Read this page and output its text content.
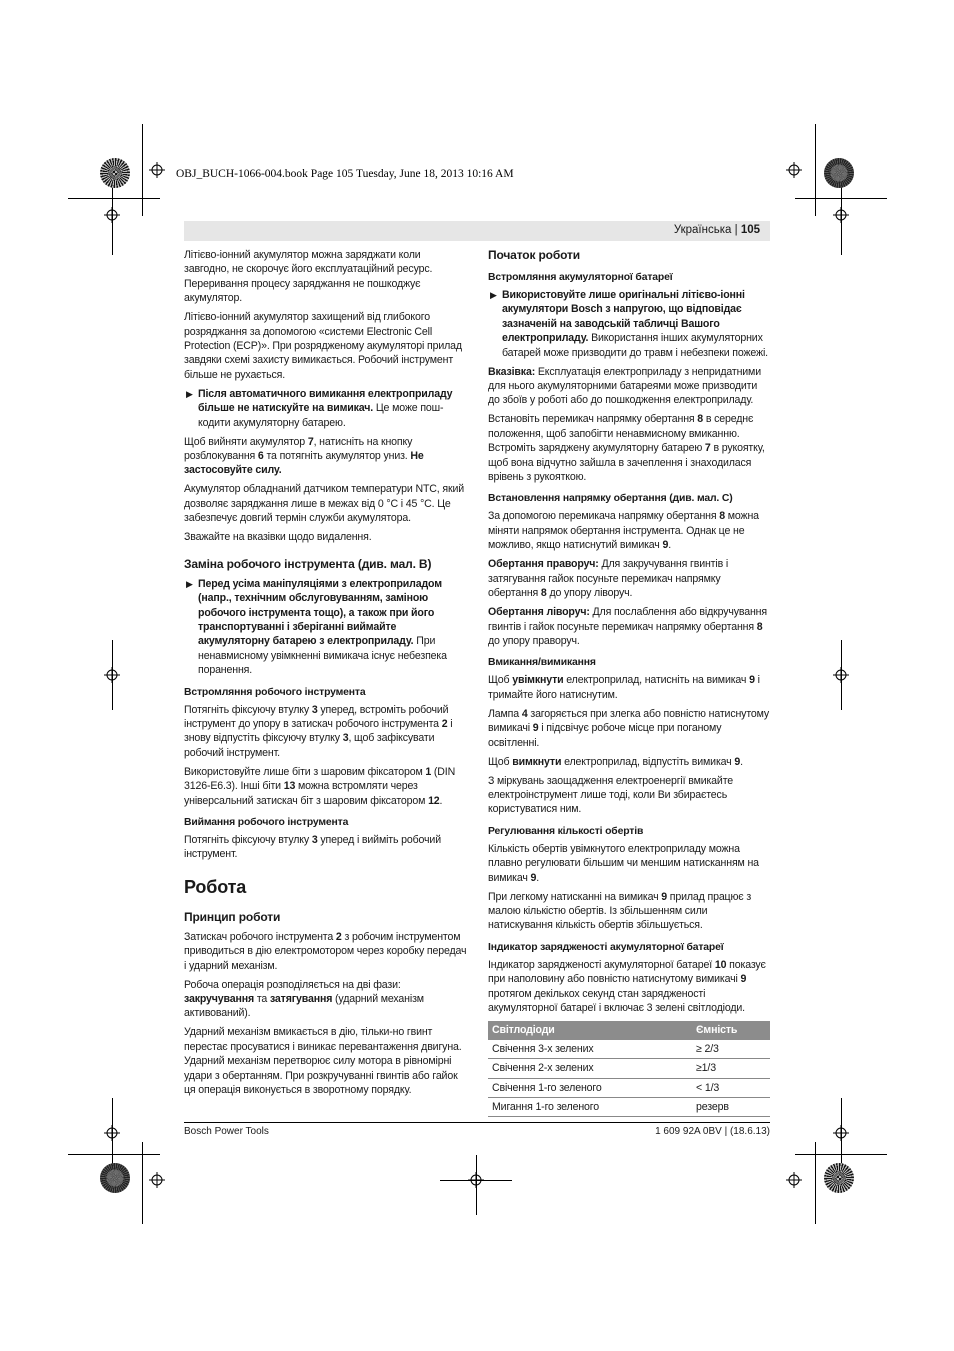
OBJ_BUCH-1066-004.book Page 105 Tuesday, June 18, 2013 10:16 AM
Українська | 105

Літієво-іонний акумулятор можна заряджати коли завгодно, не скорочує його експлуатаційний ресурс. Переривання процесу заряджання не пошкоджує акумулятор.

Літієво-іонний акумулятор захищений від глибокого розряджання за допомогою «системи Electronic Cell Protection (ECP)». При розрядженому акумуляторі прилад завдяки схемі захисту вимикається. Робочий інструмент більше не рухається.

▶ Після автоматичного вимикання електроприладу більше не натискуйте на вимикач. Це може пош-кодити акумуляторну батарею.

Щоб вийняти акумулятор 7, натисніть на кнопку розблокування 6 та потягніть акумулятор униз. Не застосовуйте силу.

Акумулятор обладнаний датчиком температури NTC, який дозволяє заряджання лише в межах від 0 °C і 45 °C. Це забезпечує довгий термін служби акумулятора.

Зважайте на вказівки щодо видалення.

Заміна робочого інструмента (див. мал. B)

▶ Перед усіма маніпуляціями з електроприладом (напр., технічним обслуговуванням, заміною робочого інструмента тощо), а також при його транспортуванні і зберіганні виймайте акумуляторну батарею з електроприладу. При ненавмисному увімкненні вимикача існує небезпека поранення.

Встромляння робочого інструмента

Потягніть фіксуючу втулку 3 уперед, встроміть робочий інструмент до упору в затискач робочого інструмента 2 і знову відпустіть фіксуючу втулку 3, щоб зафіксувати робочий інструмент.

Використовуйте лише біти з шаровим фіксатором 1 (DIN 3126-E6.3). Інші біти 13 можна встромляти через універсальний затискач біт з шаровим фіксатором 12.

Виймання робочого інструмента

Потягніть фіксуючу втулку 3 уперед і вийміть робочий інструмент.

Робота
Принцип роботи

Затискач робочого інструмента 2 з робочим інструментом приводиться в дію електромотором через коробку передач і ударний механізм.

Робоча операція розподіляється на дві фази: закручування та затягування (ударний механізм активований).

Ударний механізм вмикається в дію, тільки-но гвинт перестає просуватися і виникає перевантаження двигуна. Ударний механізм перетворює силу мотора в рівномірні удари з обертанням. При розкручуванні гвинтів або гайок ця операція виконується в зворотному порядку.

Початок роботи
Встромляння акумуляторної батареї

▶ Використовуйте лише оригінальні літієво-іонні акумулятори Bosch з напругою, що відповідає зазначеній на заводській табличці Вашого електроприладу. Використання інших акумуляторних батарей може призводити до травм і небезпеки пожежі.

Вказівка: Експлуатація електроприладу з непридатними для нього акумуляторними батареями може призводити до збоїв у роботі або до пошкодження електроприладу.

Встановіть перемикач напрямку обертання 8 в середнє положення, щоб запобігти ненавмисному вмиканню. Встроміть заряджену акумуляторну батарею 7 в рукоятку, щоб вона відчутно зайшла в зачеплення і знаходилася врівень з рукояткою.

Встановлення напрямку обертання (див. мал. C)

За допомогою перемикача напрямку обертання 8 можна міняти напрямок обертання інструмента. Однак це не можливо, якщо натиснутий вимикач 9.

Обертання праворуч: Для закручування гвинтів і затягування гайок посуньте перемикач напрямку обертання 8 до упору ліворуч.

Обертання ліворуч: Для послаблення або відкручування гвинтів і гайок посуньте перемикач напрямку обертання 8 до упору праворуч.

Вмикання/вимикання

Щоб увімкнути електроприлад, натисніть на вимикач 9 і тримайте його натиснутим.

Лампа 4 загоряється при злегка або повністю натиснутому вимикачі 9 і підсвічує робоче місце при поганому освітленні.

Щоб вимкнути електроприлад, відпустіть вимикач 9.

З міркувань заощадження електроенергії вмикайте електроінструмент лише тоді, коли Ви збираєтесь користуватися ним.

Регулювання кількості обертів

Кількість обертів увімкнутого електроприладу можна плавно регулювати більшим чи меншим натисканням на вимикач 9.

При легкому натисканні на вимикач 9 прилад працює з малою кількістю обертів. Із збільшенням сили натискування кількість обертів збільшується.

Індикатор зарядженості акумуляторної батареї

Індикатор зарядженості акумуляторної батареї 10 показує при наполовину або повністю натиснутому вимикачі 9 протягом декількох секунд стан зарядженості акумуляторної батареї і включає 3 зелені світлодіоди.

Світлодіоди	Ємність
Свічення 3-х зелених	≥ 2/3
Свічення 2-х зелених	≥1/3
Свічення 1-го зеленого	< 1/3
Мигання 1-го зеленого	резерв
Bosch Power Tools	1 609 92A 0BV | (18.6.13)
